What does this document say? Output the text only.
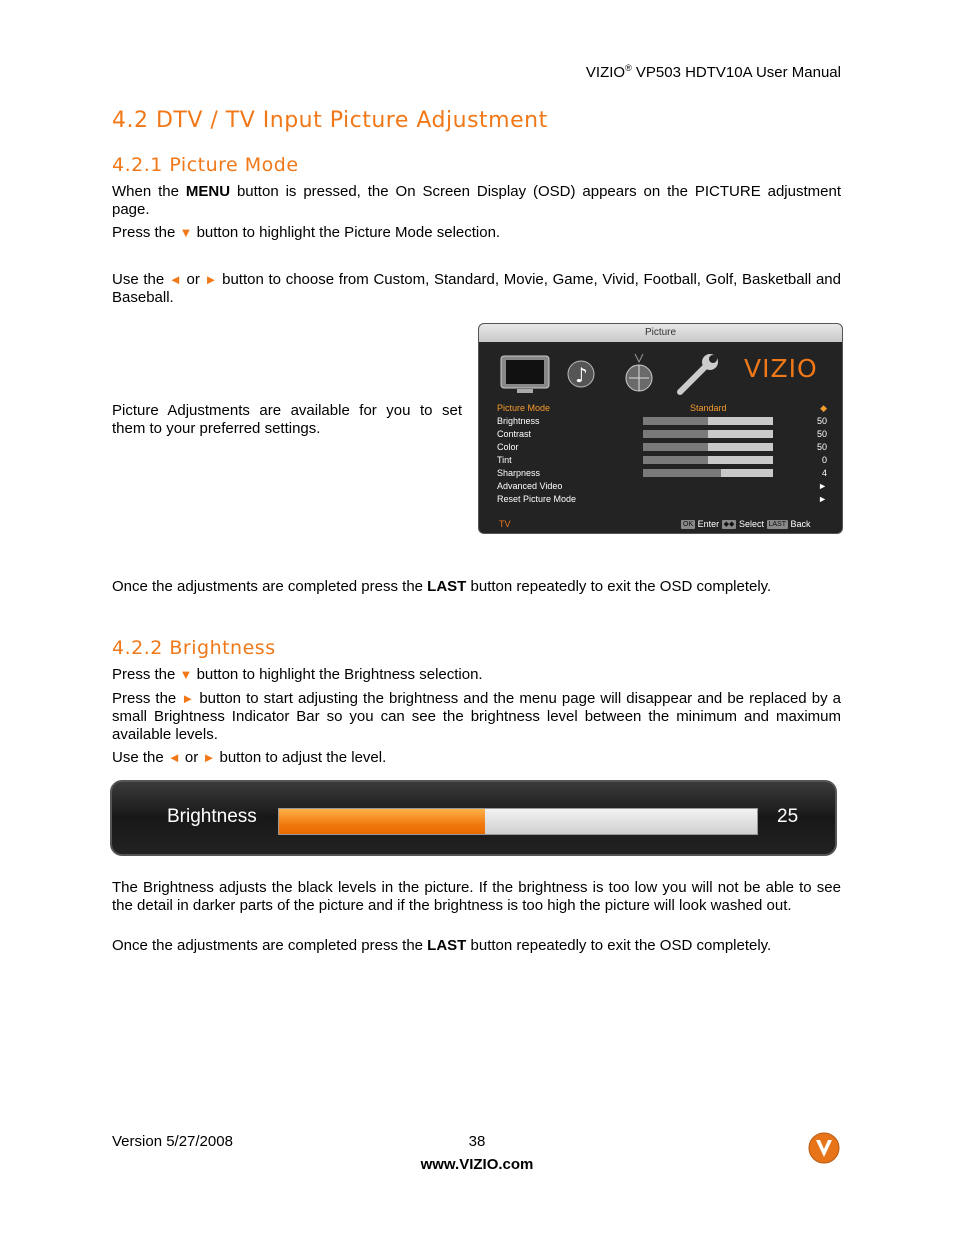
VIZIO® VP503 HDTV10A User Manual
4.2 DTV / TV Input Picture Adjustment
4.2.1 Picture Mode
When the MENU button is pressed, the On Screen Display (OSD) appears on the PICTURE adjustment page.
Press the ▼ button to highlight the Picture Mode selection.
Use the ◄ or ► button to choose from Custom, Standard, Movie, Game, Vivid, Football, Golf, Basketball and Baseball.
Picture Adjustments are available for you to set them to your preferred settings.
Picture
♪	VIZIO
Picture Mode	Standard	◆
Brightness	50
Contrast	50
Color	50
Tint	0
Sharpness	4
Advanced Video	►
Reset Picture Mode	►
TV	OK Enter ◆◆ Select LAST Back
Once the adjustments are completed press the LAST button repeatedly to exit the OSD completely.
4.2.2 Brightness
Press the ▼ button to highlight the Brightness selection.
Press the ► button to start adjusting the brightness and the menu page will disappear and be replaced by a small Brightness Indicator Bar so you can see the brightness level between the minimum and maximum available levels.
Use the ◄ or ► button to adjust the level.
Brightness	25
The Brightness adjusts the black levels in the picture. If the brightness is too low you will not be able to see the detail in darker parts of the picture and if the brightness is too high the picture will look washed out.
Once the adjustments are completed press the LAST button repeatedly to exit the OSD completely.
Version 5/27/2008	38
www.VIZIO.com
